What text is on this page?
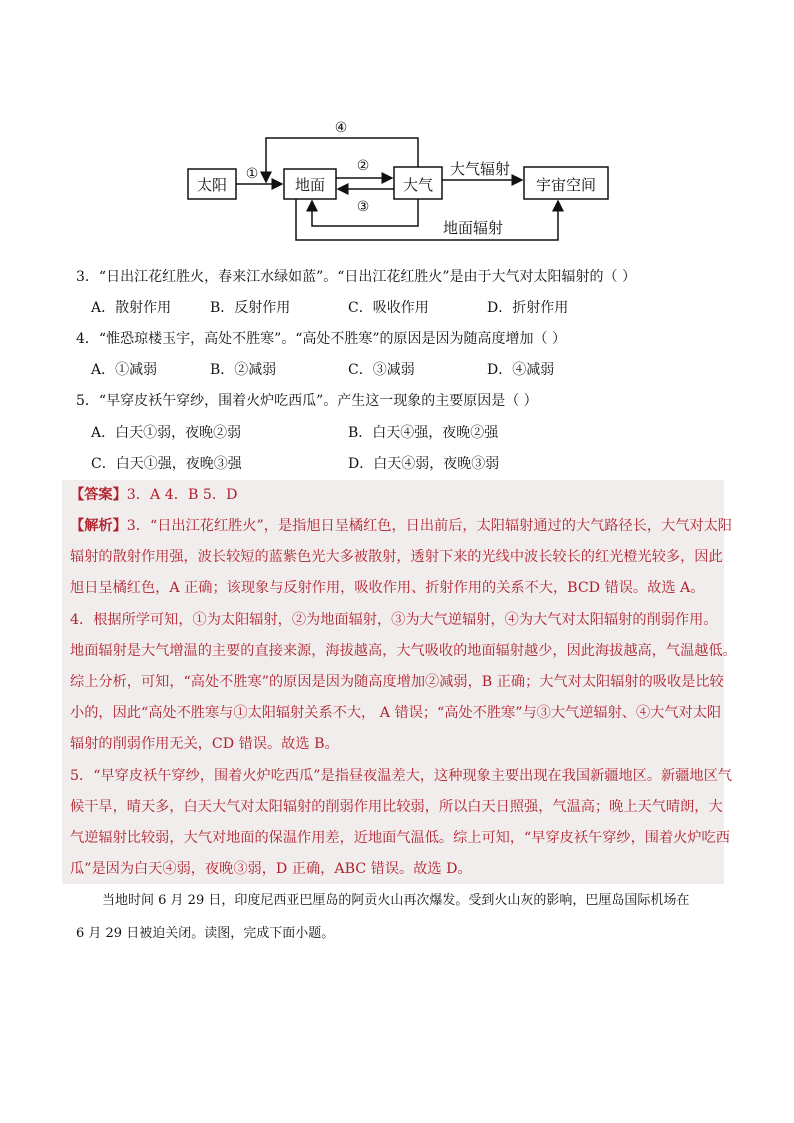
太阳	地面	大气	宇宙空间
①
④
②
③
大气辐射
地面辐射
3．“日出江花红胜火，春来江水绿如蓝”。“日出江花红胜火”是由于大气对太阳辐射的（ ）
A．散射作用	B．反射作用	C．吸收作用	D．折射作用
4．“惟恐琼楼玉宇，高处不胜寒”。“高处不胜寒”的原因是因为随高度增加（ ）
A．①减弱	B．②减弱	C．③减弱	D．④减弱
5．“早穿皮袄午穿纱，围着火炉吃西瓜”。产生这一现象的主要原因是（ ）
A．白天①弱，夜晚②弱	B．白天④强，夜晚②强
C．白天①强，夜晚③强	D．白天④弱，夜晚③弱
【答案】3．A 4．B 5．D
【解析】3．“日出江花红胜火”，是指旭日呈橘红色，日出前后，太阳辐射通过的大气路径长，大气对太阳
辐射的散射作用强，波长较短的蓝紫色光大多被散射，透射下来的光线中波长较长的红光橙光较多，因此
旭日呈橘红色，A 正确；该现象与反射作用，吸收作用、折射作用的关系不大，BCD 错误。故选 A。
4．根据所学可知，①为太阳辐射，②为地面辐射，③为大气逆辐射，④为大气对太阳辐射的削弱作用。
地面辐射是大气增温的主要的直接来源，海拔越高，大气吸收的地面辐射越少，因此海拔越高，气温越低。
综上分析，可知，“高处不胜寒”的原因是因为随高度增加②减弱，B 正确；大气对太阳辐射的吸收是比较
小的，因此“高处不胜寒与①太阳辐射关系不大， A 错误；“高处不胜寒”与③大气逆辐射、④大气对太阳
辐射的削弱作用无关，CD 错误。故选 B。
5．“早穿皮袄午穿纱，围着火炉吃西瓜”是指昼夜温差大，这种现象主要出现在我国新疆地区。新疆地区气
候干旱，晴天多，白天大气对太阳辐射的削弱作用比较弱，所以白天日照强，气温高；晚上天气晴朗，大
气逆辐射比较弱，大气对地面的保温作用差，近地面气温低。综上可知，“早穿皮袄午穿纱，围着火炉吃西
瓜”是因为白天④弱，夜晚③弱，D 正确，ABC 错误。故选 D。
当地时间 6 月 29 日，印度尼西亚巴厘岛的阿贡火山再次爆发。受到火山灰的影响，巴厘岛国际机场在
6 月 29 日被迫关闭。读图，完成下面小题。
